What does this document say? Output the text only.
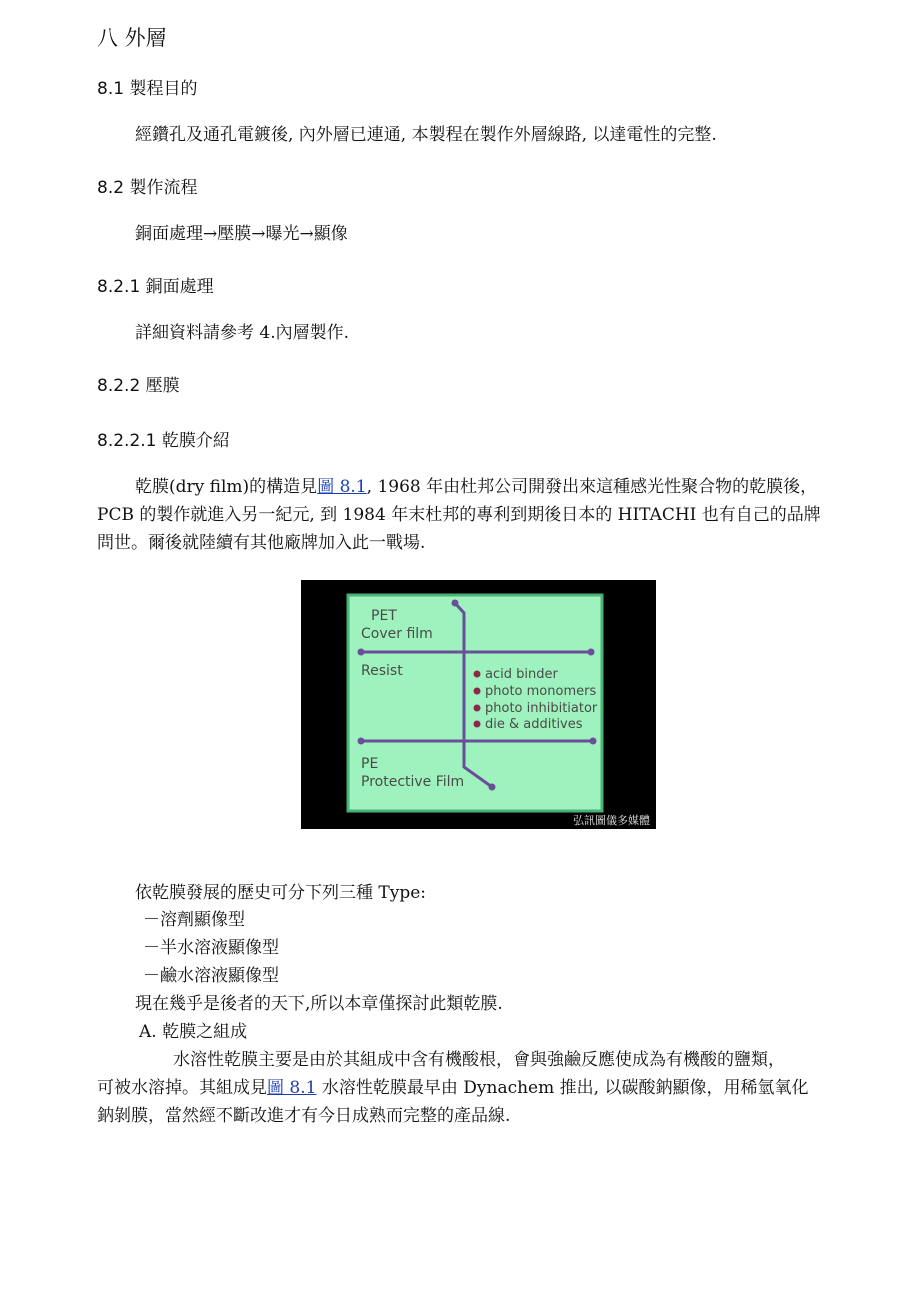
八 外層
8.1 製程目的
經鑽孔及通孔電鍍後, 內外層已連通, 本製程在製作外層線路, 以達電性的完整.
8.2 製作流程
銅面處理→壓膜→曝光→顯像
8.2.1 銅面處理
詳細資料請參考 4.內層製作.
8.2.2 壓膜
8.2.2.1 乾膜介紹
乾膜(dry film)的構造見圖 8.1, 1968 年由杜邦公司開發出來這種感光性聚合物的乾膜後，
PCB 的製作就進入另一紀元, 到 1984 年末杜邦的專利到期後日本的 HITACHI 也有自己的品牌
問世。爾後就陸續有其他廠牌加入此一戰場.
PET
Cover film
Resist	acid binder
photo monomers
photo inhibitiator
die & additives
PE
Protective Film
弘訊圖儀多媒體
依乾膜發展的歷史可分下列三種 Type:
－溶劑顯像型
－半水溶液顯像型
－鹼水溶液顯像型
現在幾乎是後者的天下,所以本章僅探討此類乾膜.
A. 乾膜之組成
水溶性乾膜主要是由於其組成中含有機酸根，會與強鹼反應使成為有機酸的鹽類，
可被水溶掉。其組成見圖 8.1 水溶性乾膜最早由 Dynachem 推出, 以碳酸鈉顯像，用稀氫氧化
鈉剝膜，當然經不斷改進才有今日成熟而完整的產品線.
